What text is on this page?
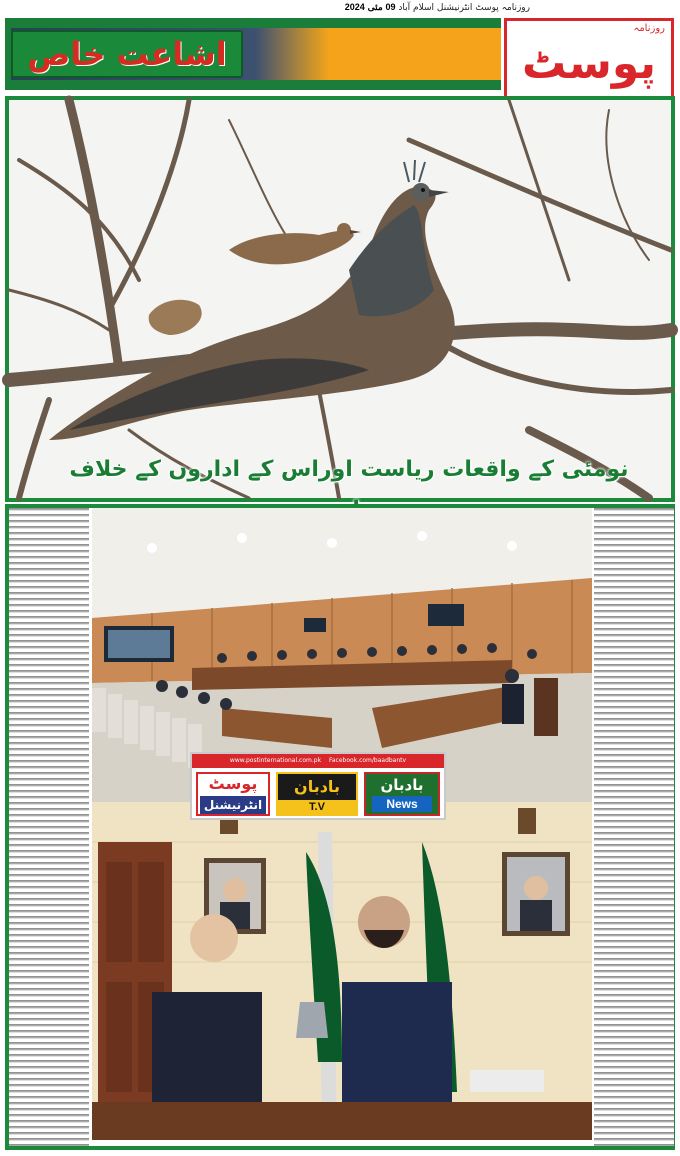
روزنامہ پوسٹ انٹرنیشنل اسلام آباد 09 مئی 2024
اشاعت خاص
روزنامہ
پوسٹ
نومئی کے واقعات ریاست اوراس کے اداروں کے خلاف
www.postinternational.com.pk Facebook.com/baadbantv
پوسٹ
انٹرنیشنل
بادبان
T.V
بادبان
News
